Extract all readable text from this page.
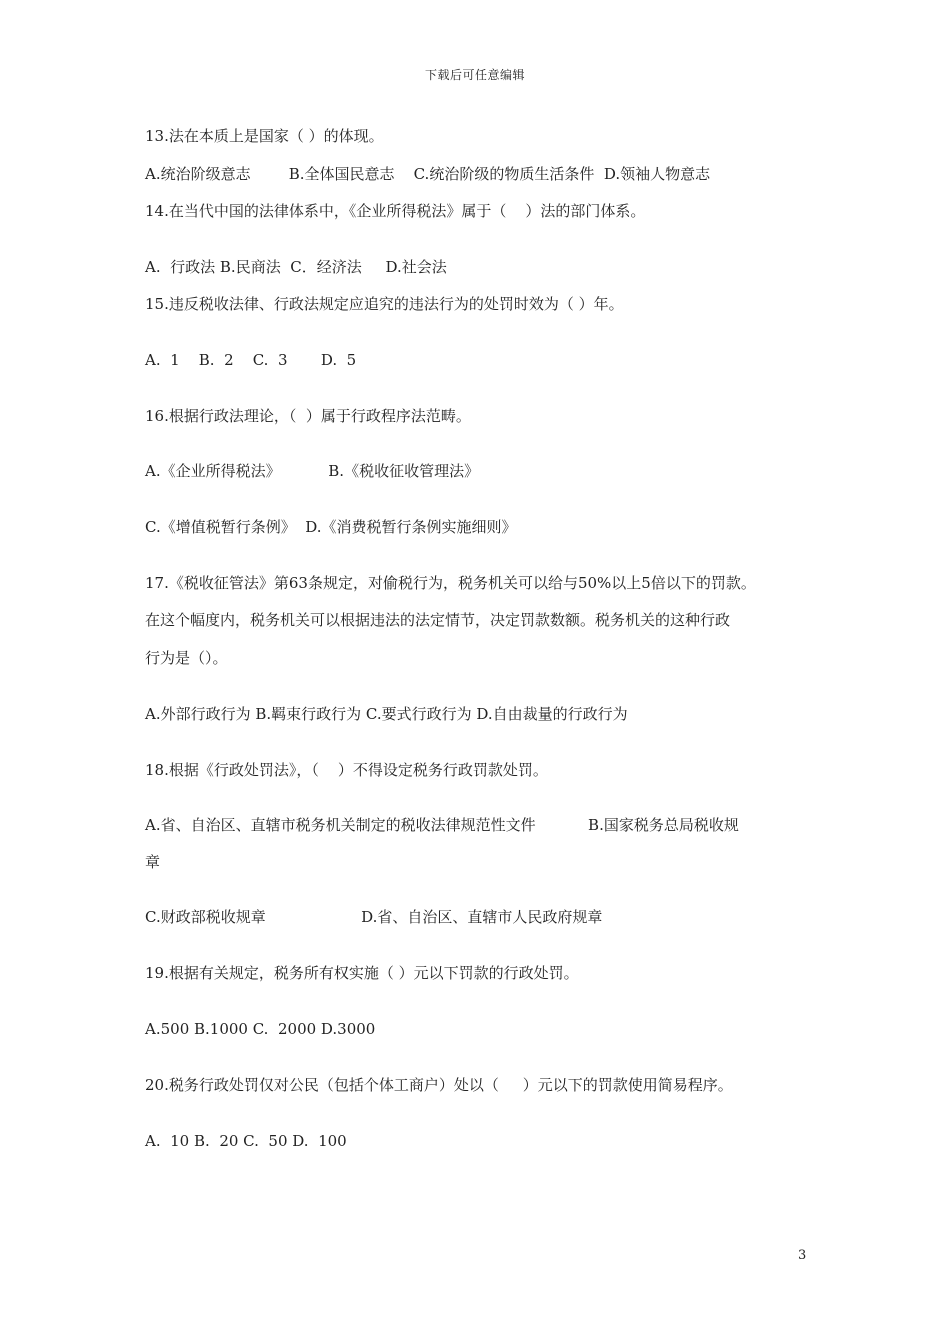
下载后可任意编辑
13.法在本质上是国家（ ）的体现。
A.统治阶级意志        B.全体国民意志    C.统治阶级的物质生活条件  D.领袖人物意志
14.在当代中国的法律体系中，《企业所得税法》属于（    ）法的部门体系。
A.  行政法 B.民商法  C．经济法     D.社会法
15.违反税收法律、行政法规定应追究的违法行为的处罚时效为（ ）年。
A.  1    B.  2    C.  3       D.  5
16.根据行政法理论，（  ）属于行政程序法范畴。
A.《企业所得税法》          B.《税收征收管理法》
C.《增值税暂行条例》  D.《消费税暂行条例实施细则》
17.《税收征管法》第63条规定，对偷税行为，税务机关可以给与50%以上5倍以下的罚款。
在这个幅度内，税务机关可以根据违法的法定情节，决定罚款数额。税务机关的这种行政
行为是（）。
A.外部行政行为 B.羁束行政行为 C.要式行政行为 D.自由裁量的行政行为
18.根据《行政处罚法》，（    ）不得设定税务行政罚款处罚。
A.省、自治区、直辖市税务机关制定的税收法律规范性文件           B.国家税务总局税收规
章
C.财政部税收规章                    D.省、自治区、直辖市人民政府规章
19.根据有关规定，税务所有权实施（ ）元以下罚款的行政处罚。
A.500 B.1000 C.  2000 D.3000
20.税务行政处罚仅对公民（包括个体工商户）处以（     ）元以下的罚款使用简易程序。
A.  10 B.  20 C.  50 D.  100
3
